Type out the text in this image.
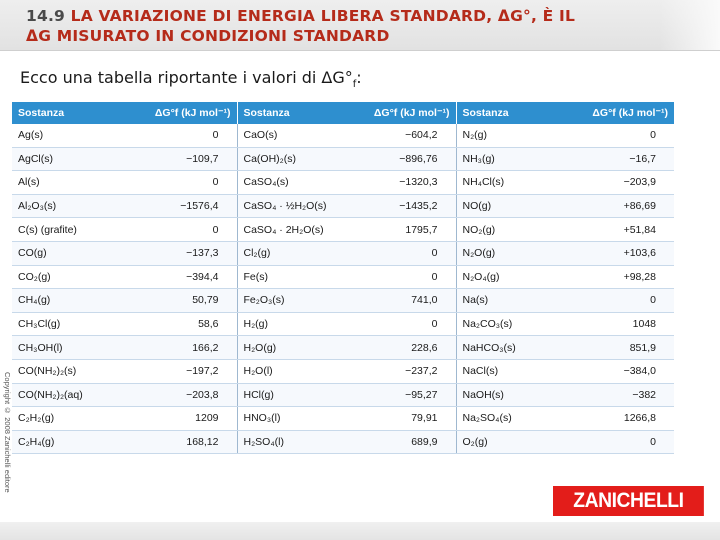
14.9 LA VARIAZIONE DI ENERGIA LIBERA STANDARD, ΔG°, È IL
ΔG MISURATO IN CONDIZIONI STANDARD
Ecco una tabella riportante i valori di $\Delta G^\circ_f$:
Sostanza	ΔG°f (kJ mol⁻¹)	Sostanza	ΔG°f (kJ mol⁻¹)	Sostanza	ΔG°f (kJ mol⁻¹)
Ag(s)	0	CaO(s)	−604,2	N₂(g)	0
AgCl(s)	−109,7	Ca(OH)₂(s)	−896,76	NH₃(g)	−16,7
Al(s)	0	CaSO₄(s)	−1320,3	NH₄Cl(s)	−203,9
Al₂O₃(s)	−1576,4	CaSO₄ · ½H₂O(s)	−1435,2	NO(g)	+86,69
C(s) (grafite)	0	CaSO₄ · 2H₂O(s)	1795,7	NO₂(g)	+51,84
CO(g)	−137,3	Cl₂(g)	0	N₂O(g)	+103,6
CO₂(g)	−394,4	Fe(s)	0	N₂O₄(g)	+98,28
CH₄(g)	50,79	Fe₂O₃(s)	741,0	Na(s)	0
CH₃Cl(g)	58,6	H₂(g)	0	Na₂CO₃(s)	1048
CH₃OH(l)	166,2	H₂O(g)	228,6	NaHCO₃(s)	851,9
CO(NH₂)₂(s)	−197,2	H₂O(l)	−237,2	NaCl(s)	−384,0
CO(NH₂)₂(aq)	−203,8	HCl(g)	−95,27	NaOH(s)	−382
C₂H₂(g)	1209	HNO₃(l)	79,91	Na₂SO₄(s)	1266,8
C₂H₄(g)	168,12	H₂SO₄(l)	689,9	O₂(g)	0
Copyright © 2008 Zanichelli editore
ZANICHELLI
